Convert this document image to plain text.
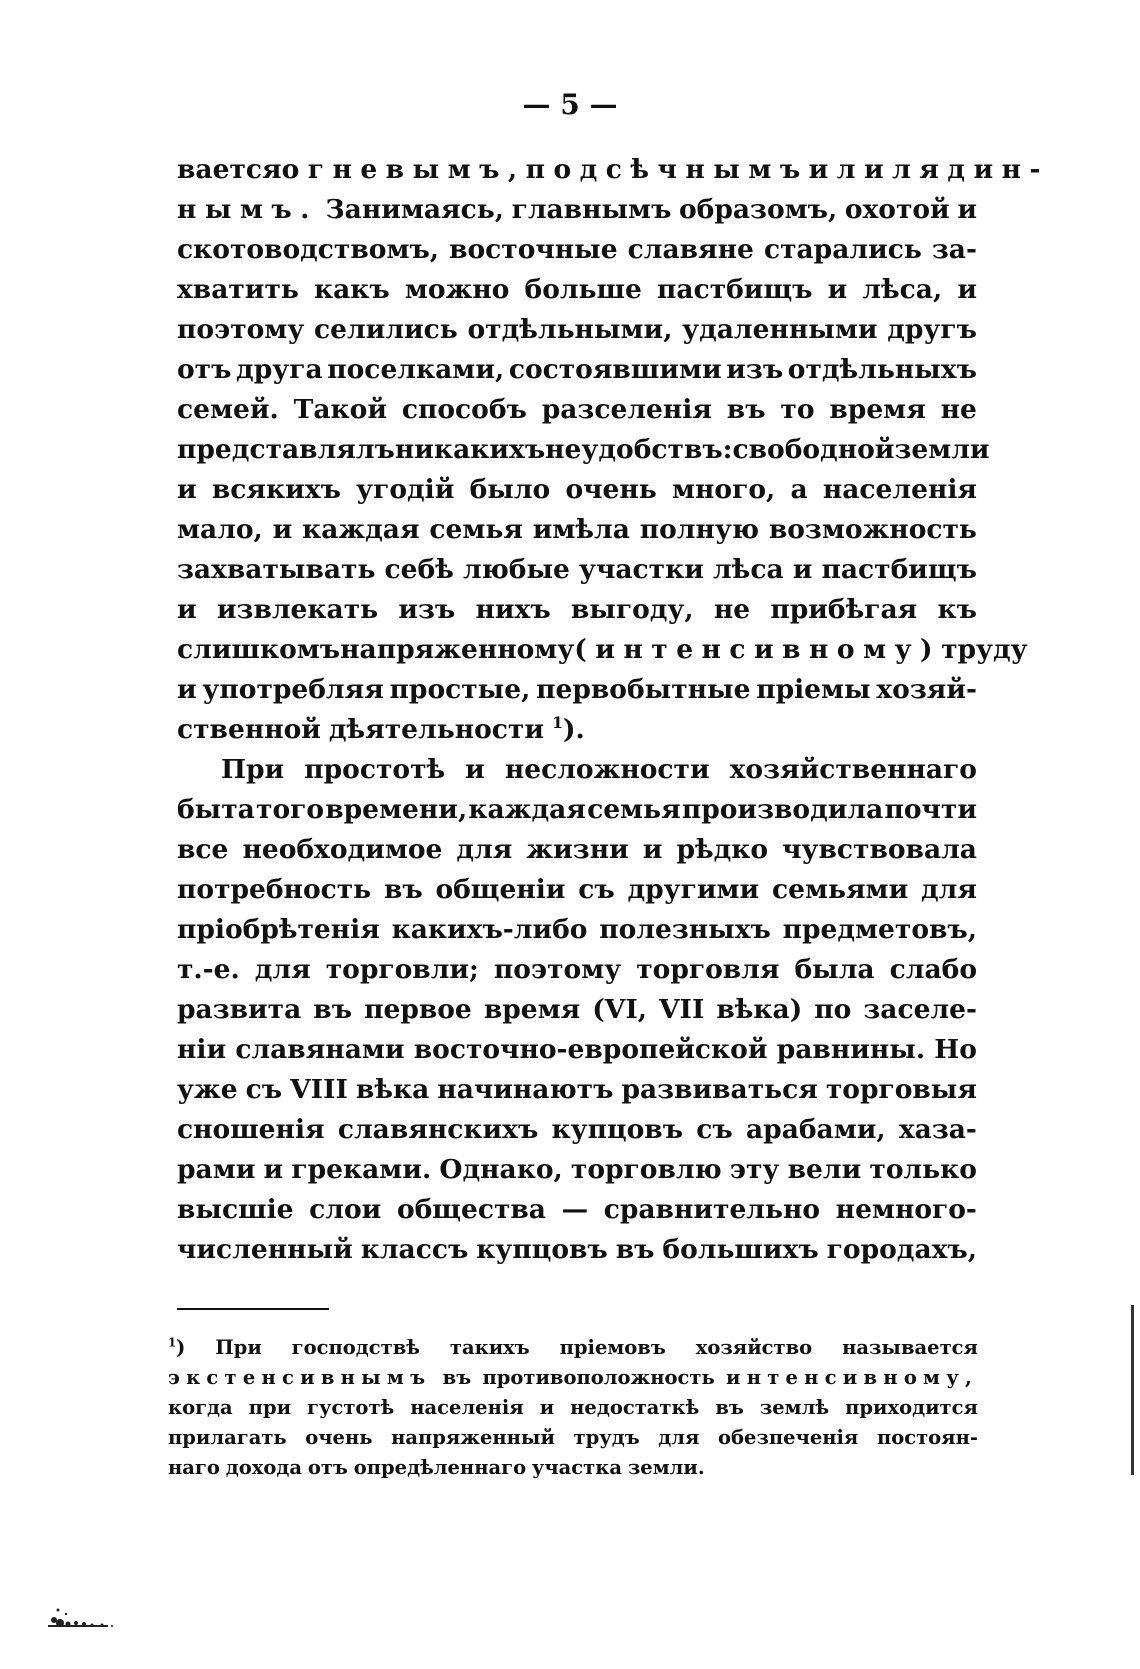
— 5 —
вается огневымъ, подсѣчнымъ или лядин-
нымъ. Занимаясь, главнымъ образомъ, охотой и
скотоводствомъ, восточные славяне старались за-
хватить какъ можно больше пастбищъ и лѣса, и
поэтому селились отдѣльными, удаленными другъ
отъ друга поселками, состоявшими изъ отдѣльныхъ
семей. Такой способъ разселенія въ то время не
представлялъ никакихъ неудобствъ: свободной земли
и всякихъ угодій было очень много, а населенія
мало, и каждая семья имѣла полную возможность
захватывать себѣ любые участки лѣса и пастбищъ
и извлекать изъ нихъ выгоду, не прибѣгая къ
слишкомъ напряженному (интенсивному) труду
и употребляя простые, первобытные пріемы хозяй-
ственной дѣятельности $^1$).
При простотѣ и несложности хозяйственнаго
быта того времени, каждая семья производила почти
все необходимое для жизни и рѣдко чувствовала
потребность въ общеніи съ другими семьями для
пріобрѣтенія какихъ-либо полезныхъ предметовъ,
т.-е. для торговли; поэтому торговля была слабо
развита въ первое время (VI, VII вѣка) по заселе-
ніи славянами восточно-европейской равнины. Но
уже съ VIII вѣка начинаютъ развиваться торговыя
сношенія славянскихъ купцовъ съ арабами, хаза-
рами и греками. Однако, торговлю эту вели только
высшіе слои общества — сравнительно немного-
численный классъ купцовъ въ большихъ городахъ,
$^1$) При господствѣ такихъ пріемовъ хозяйство называется
экстенсивнымъ въ противоположность интенсивному,
когда при густотѣ населенія и недостаткѣ въ землѣ приходится
прилагать очень напряженный трудъ для обезпеченія постоян-
наго дохода отъ опредѣленнаго участка земли.
